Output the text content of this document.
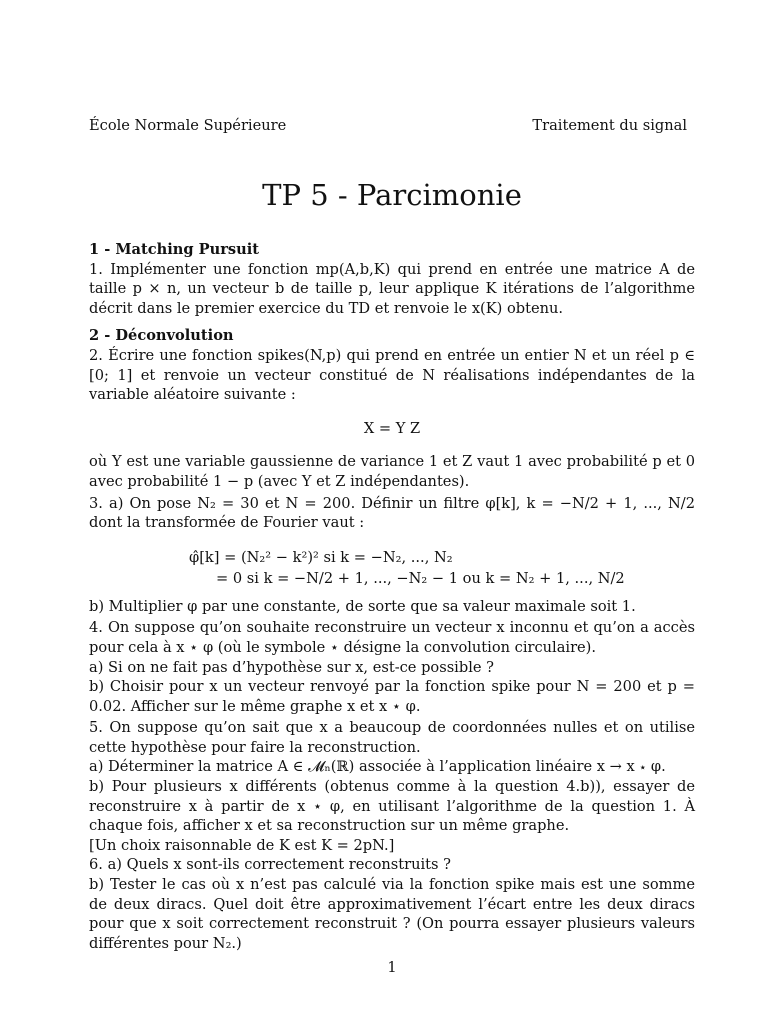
École Normale Supérieure	Traitement du signal
TP 5 - Parcimonie
1 - Matching Pursuit

1. Implémenter une fonction mp(A,b,K) qui prend en entrée une matrice A de taille p × n, un vecteur b de taille p, leur applique K itérations de l’algorithme décrit dans le premier exercice du TD et renvoie le x(K) obtenu.

2 - Déconvolution

2. Écrire une fonction spikes(N,p) qui prend en entrée un entier N et un réel p ∈ [0; 1] et renvoie un vecteur constitué de N réalisations indépendantes de la variable aléatoire suivante :

X = Y Z

où Y est une variable gaussienne de variance 1 et Z vaut 1 avec probabilité p et 0 avec probabilité 1 − p (avec Y et Z indépendantes).

3. a) On pose N₂ = 30 et N = 200. Définir un filtre φ[k], k = −N/2 + 1, ..., N/2 dont la transformée de Fourier vaut :

φ̂[k] = (N₂² − k²)² si k = −N₂, ..., N₂
= 0 si k = −N/2 + 1, ..., −N₂ − 1 ou k = N₂ + 1, ..., N/2

b) Multiplier φ par une constante, de sorte que sa valeur maximale soit 1.

4. On suppose qu’on souhaite reconstruire un vecteur x inconnu et qu’on a accès pour cela à x ⋆ φ (où le symbole ⋆ désigne la convolution circulaire).

a) Si on ne fait pas d’hypothèse sur x, est-ce possible ?

b) Choisir pour x un vecteur renvoyé par la fonction spike pour N = 200 et p = 0.02. Afficher sur le même graphe x et x ⋆ φ.

5. On suppose qu’on sait que x a beaucoup de coordonnées nulles et on utilise cette hypothèse pour faire la reconstruction.

a) Déterminer la matrice A ∈ 𝓜ₙ(ℝ) associée à l’application linéaire x → x ⋆ φ.

b) Pour plusieurs x différents (obtenus comme à la question 4.b)), essayer de reconstruire x à partir de x ⋆ φ, en utilisant l’algorithme de la question 1. À chaque fois, afficher x et sa reconstruction sur un même graphe.

[Un choix raisonnable de K est K = 2pN.]

6. a) Quels x sont-ils correctement reconstruits ?

b) Tester le cas où x n’est pas calculé via la fonction spike mais est une somme de deux diracs. Quel doit être approximativement l’écart entre les deux diracs pour que x soit correctement reconstruit ? (On pourra essayer plusieurs valeurs différentes pour N₂.)

1
